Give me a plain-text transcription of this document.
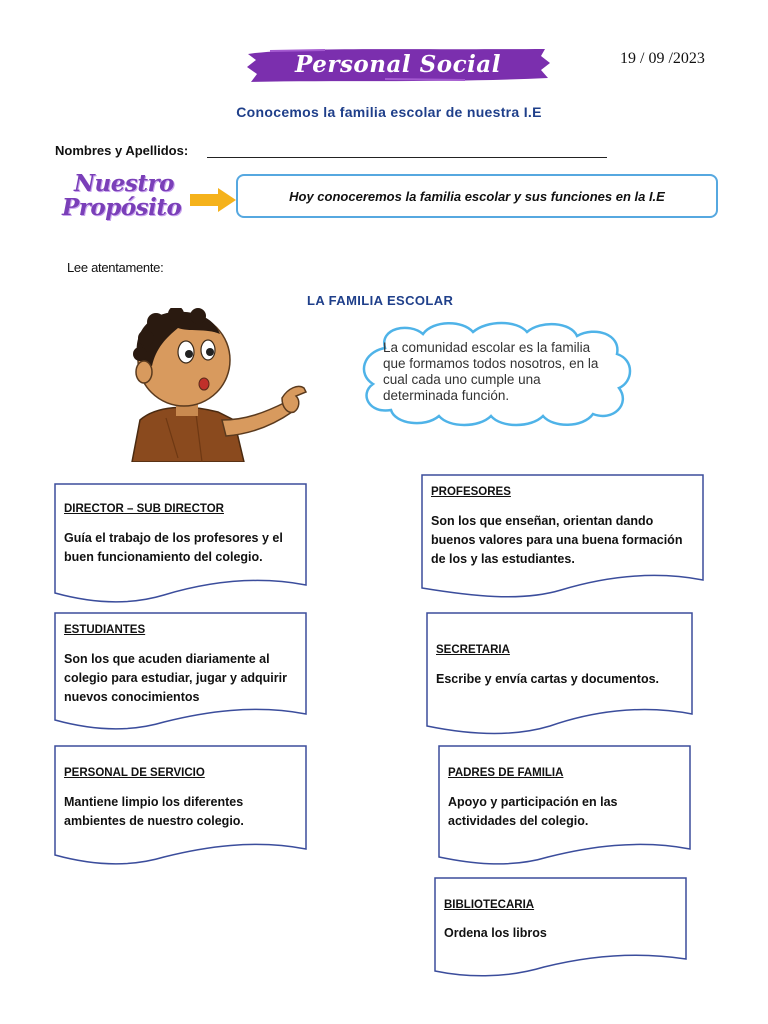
Personal Social	19 / 09 /2023
Conocemos la familia escolar de nuestra I.E
Nombres y Apellidos:
Nuestro
Propósito	Hoy conoceremos la familia escolar y sus funciones en la I.E
Lee atentamente:
LA FAMILIA ESCOLAR
La comunidad escolar es la familia que formamos todos nosotros, en la cual cada uno cumple una determinada función.
DIRECTOR – SUB DIRECTOR
Guía el trabajo de los profesores y el buen funcionamiento del colegio.
PROFESORES
Son los que enseñan, orientan dando buenos valores para una buena formación de los y las estudiantes.
ESTUDIANTES
Son los que acuden diariamente al colegio para estudiar, jugar y adquirir nuevos conocimientos
SECRETARIA
Escribe y envía cartas y documentos.
PERSONAL DE SERVICIO
Mantiene limpio los diferentes ambientes de nuestro colegio.
PADRES DE FAMILIA
Apoyo y participación en las actividades del colegio.
BIBLIOTECARIA
Ordena los libros
